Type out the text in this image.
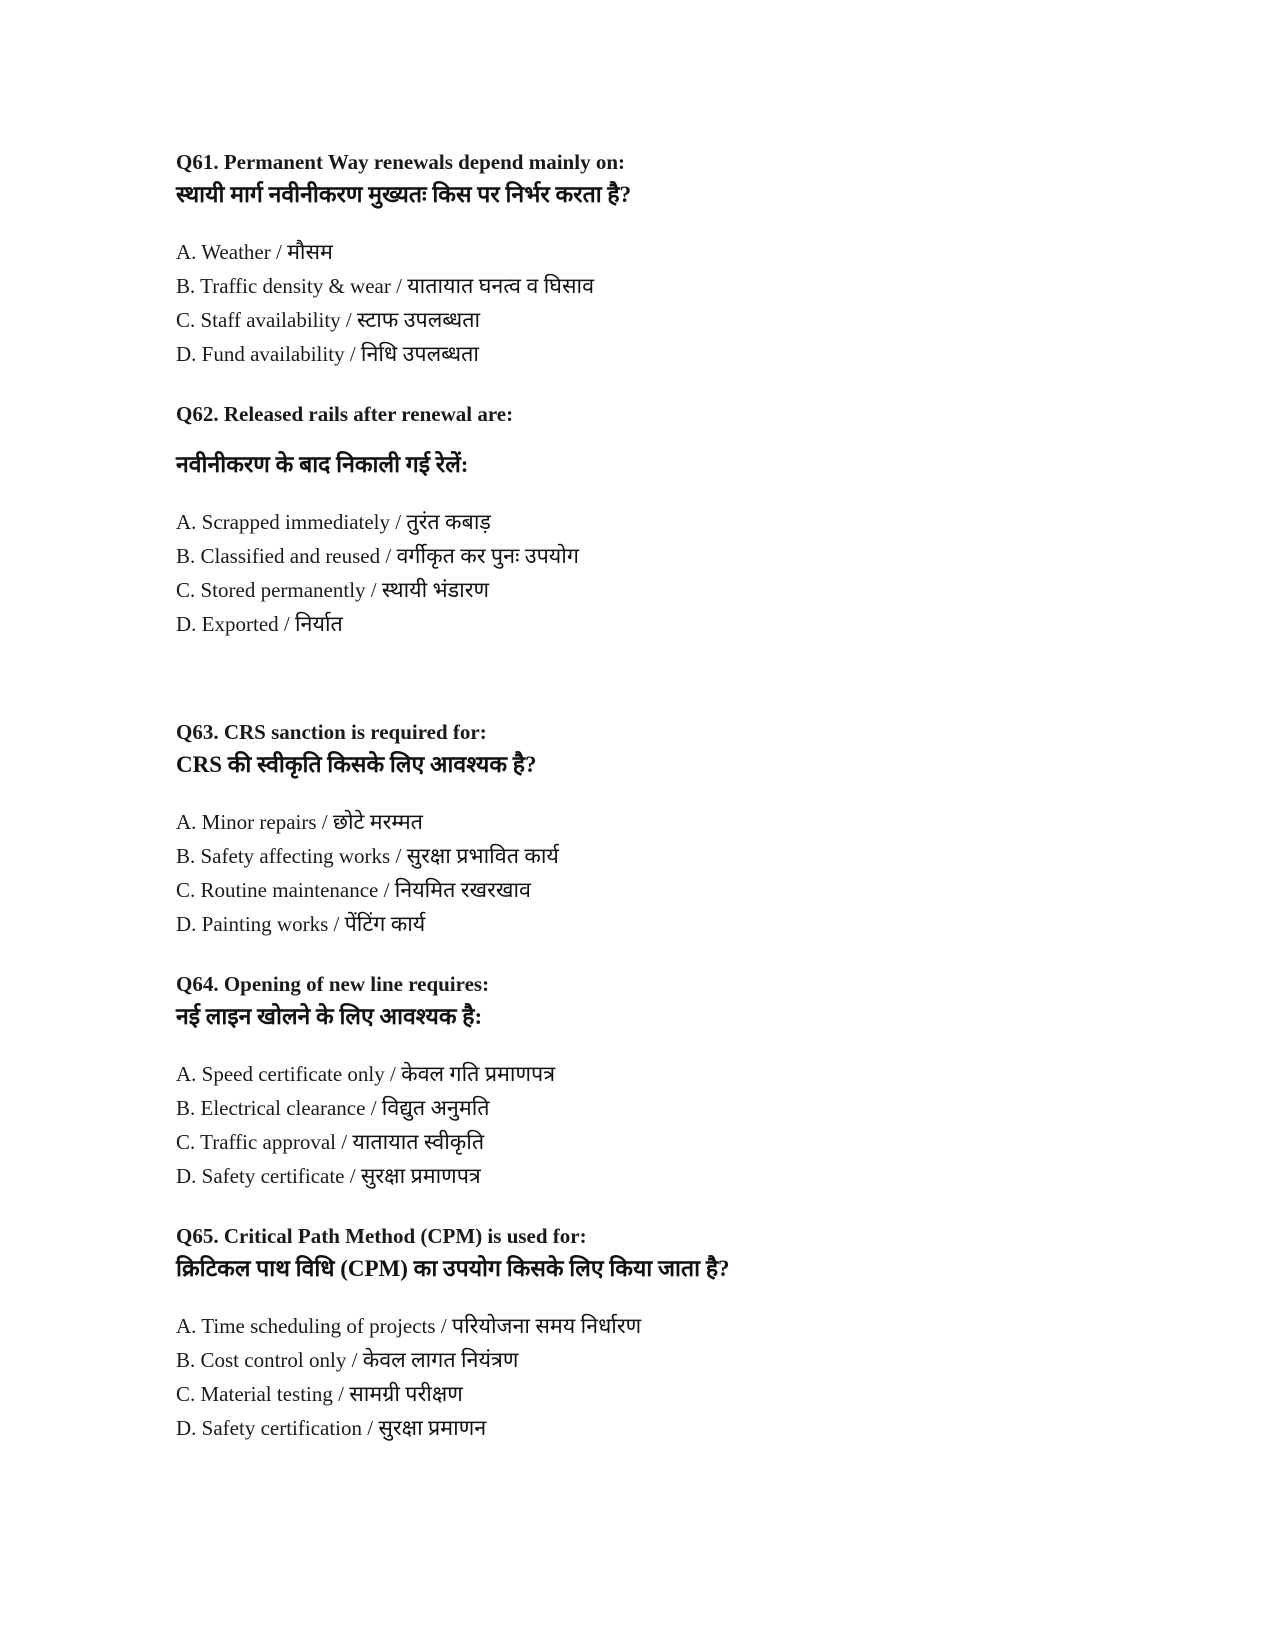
Q61. Permanent Way renewals depend mainly on:
स्थायी मार्ग नवीनीकरण मुख्यतः किस पर निर्भर करता है?
A. Weather / मौसम
B. Traffic density & wear / यातायात घनत्व व घिसाव
C. Staff availability / स्टाफ उपलब्धता
D. Fund availability / निधि उपलब्धता
Q62. Released rails after renewal are:
नवीनीकरण के बाद निकाली गई रेलें:
A. Scrapped immediately / तुरंत कबाड़
B. Classified and reused / वर्गीकृत कर पुनः उपयोग
C. Stored permanently / स्थायी भंडारण
D. Exported / निर्यात
Q63. CRS sanction is required for:
CRS की स्वीकृति किसके लिए आवश्यक है?
A. Minor repairs / छोटे मरम्मत
B. Safety affecting works / सुरक्षा प्रभावित कार्य
C. Routine maintenance / नियमित रखरखाव
D. Painting works / पेंटिंग कार्य
Q64. Opening of new line requires:
नई लाइन खोलने के लिए आवश्यक है:
A. Speed certificate only / केवल गति प्रमाणपत्र
B. Electrical clearance / विद्युत अनुमति
C. Traffic approval / यातायात स्वीकृति
D. Safety certificate / सुरक्षा प्रमाणपत्र
Q65. Critical Path Method (CPM) is used for:
क्रिटिकल पाथ विधि (CPM) का उपयोग किसके लिए किया जाता है?
A. Time scheduling of projects / परियोजना समय निर्धारण
B. Cost control only / केवल लागत नियंत्रण
C. Material testing / सामग्री परीक्षण
D. Safety certification / सुरक्षा प्रमाणन
